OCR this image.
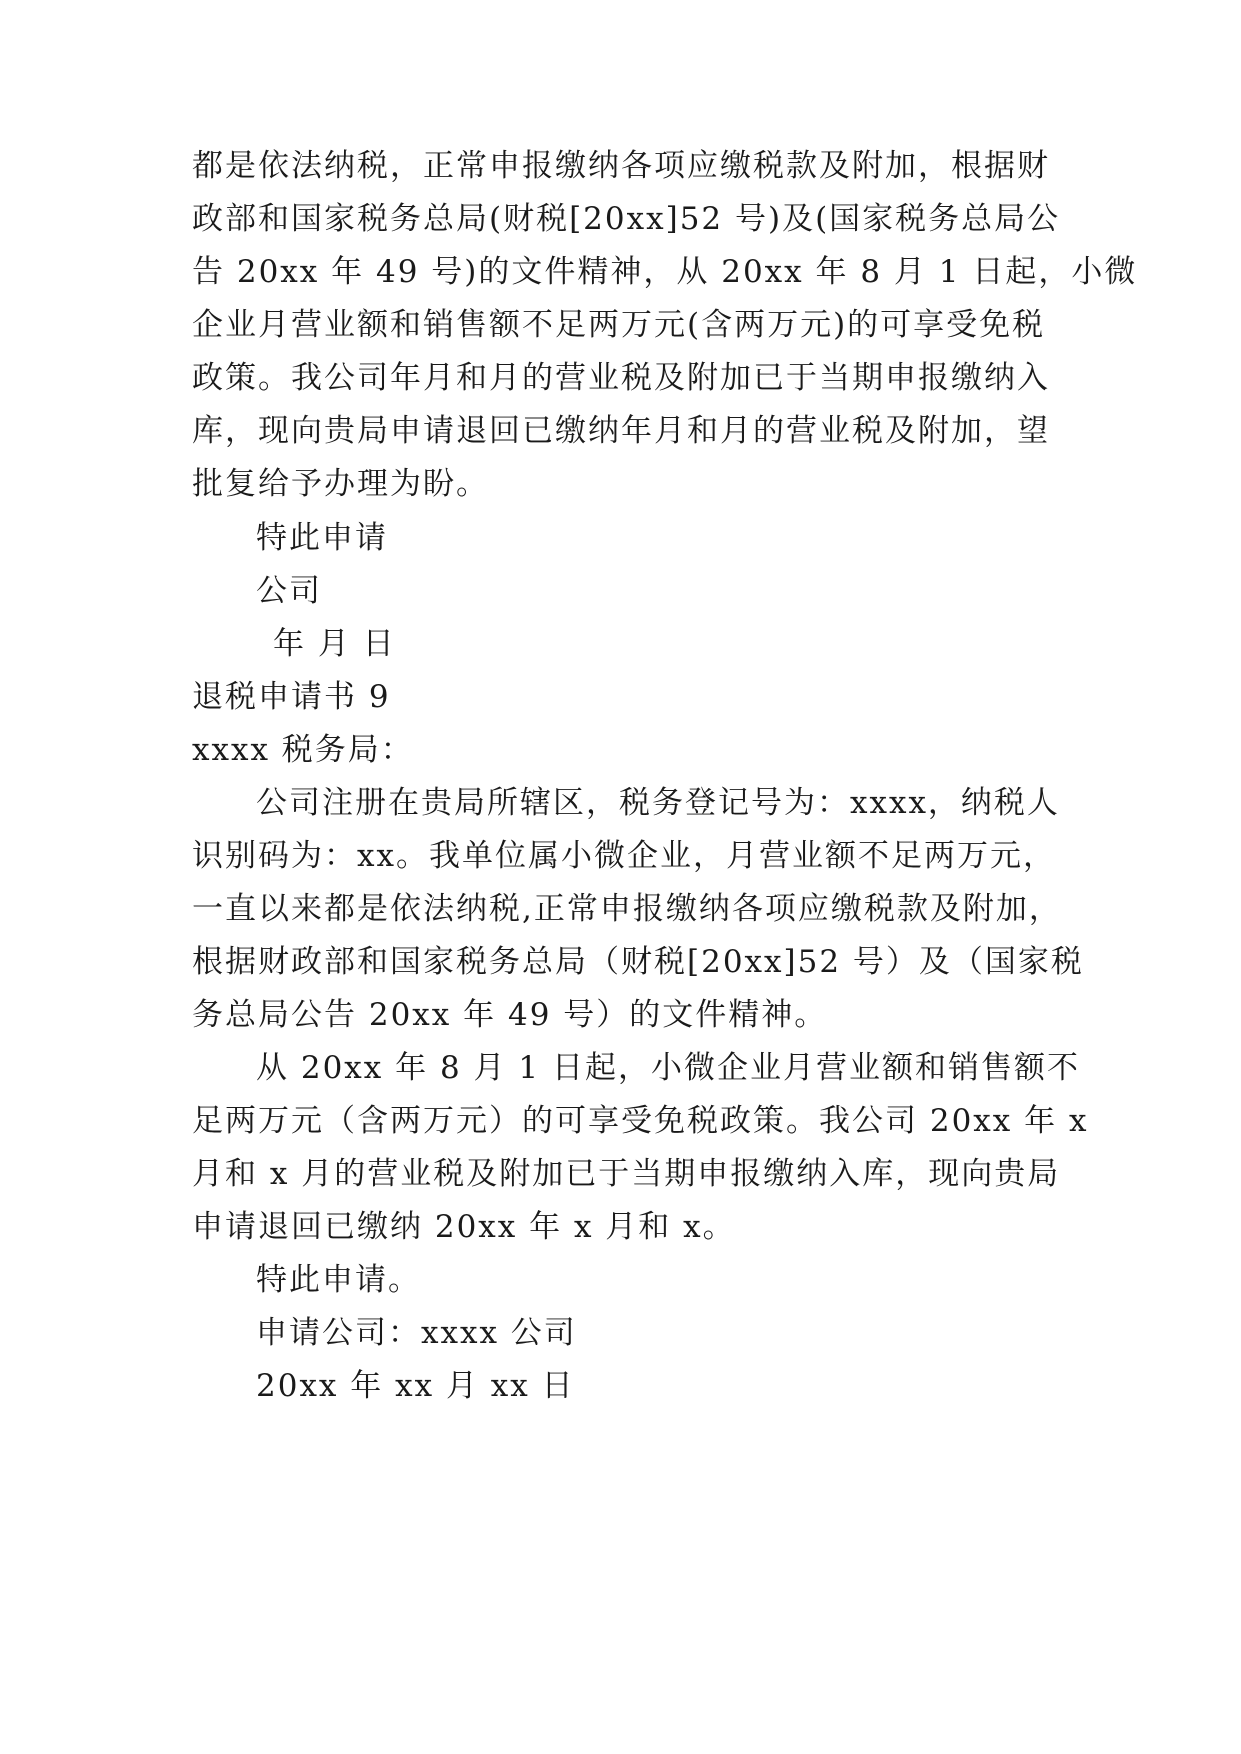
都是依法纳税，正常申报缴纳各项应缴税款及附加，根据财
政部和国家税务总局(财税[20xx]52 号)及(国家税务总局公
告 20xx 年 49 号)的文件精神，从 20xx 年 8 月 1 日起，小微
企业月营业额和销售额不足两万元(含两万元)的可享受免税
政策。我公司年月和月的营业税及附加已于当期申报缴纳入
库，现向贵局申请退回已缴纳年月和月的营业税及附加，望
批复给予办理为盼。
特此申请
公司
年 月 日
退税申请书 9
xxxx 税务局：
公司注册在贵局所辖区，税务登记号为：xxxx，纳税人
识别码为：xx。我单位属小微企业，月营业额不足两万元，
一直以来都是依法纳税,正常申报缴纳各项应缴税款及附加，
根据财政部和国家税务总局（财税[20xx]52 号）及（国家税
务总局公告 20xx 年 49 号）的文件精神。
从 20xx 年 8 月 1 日起，小微企业月营业额和销售额不
足两万元（含两万元）的可享受免税政策。我公司 20xx 年 x
月和 x 月的营业税及附加已于当期申报缴纳入库，现向贵局
申请退回已缴纳 20xx 年 x 月和 x。
特此申请。
申请公司：xxxx 公司
20xx 年 xx 月 xx 日
